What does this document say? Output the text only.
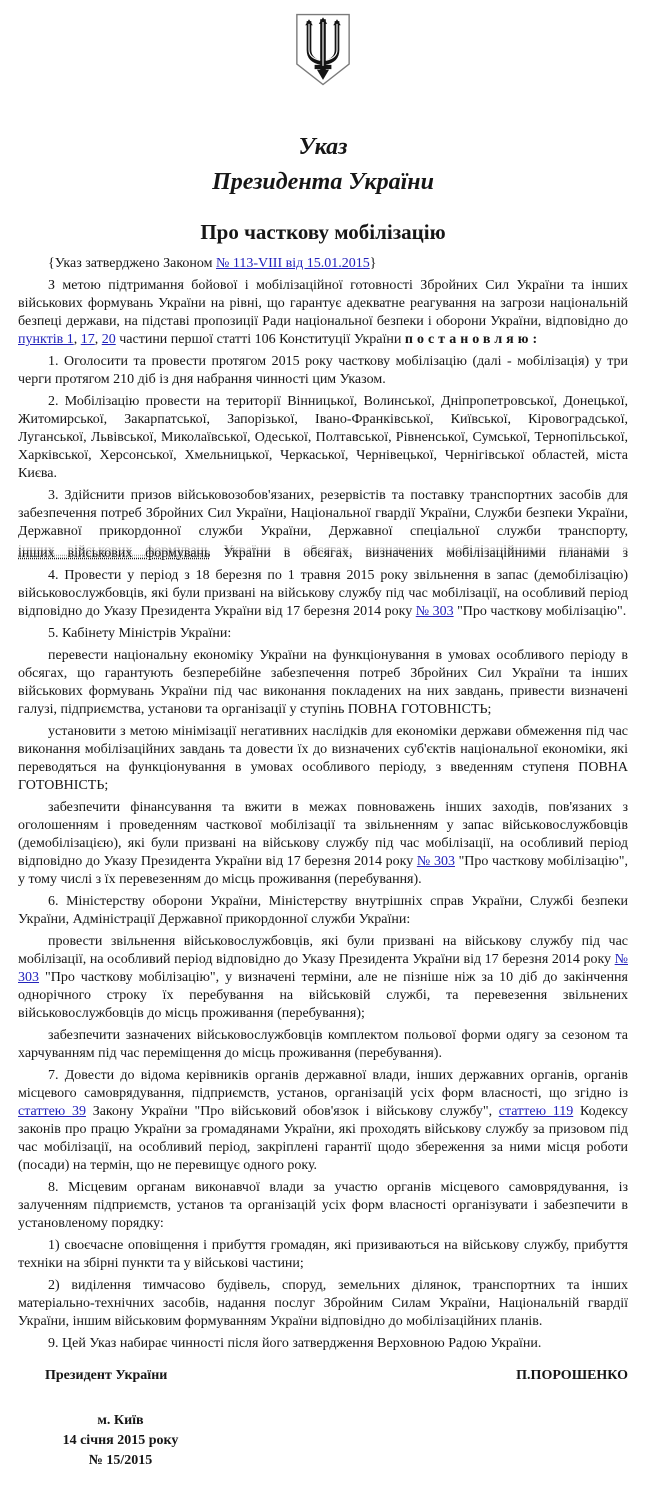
Указ
Президента України
Про часткову мобілізацію

{Указ затверджено Законом № 113-VIII від 15.01.2015}

З метою підтримання бойової і мобілізаційної готовності Збройних Сил України та інших військових формувань України на рівні, що гарантує адекватне реагування на загрози національній безпеці держави, на підставі пропозиції Ради національної безпеки і оборони України, відповідно до пунктів 1, 17, 20 частини першої статті 106 Конституції України постановляю:

1. Оголосити та провести протягом 2015 року часткову мобілізацію (далі - мобілізація) у три черги протягом 210 діб із дня набрання чинності цим Указом.

2. Мобілізацію провести на території Вінницької, Волинської, Дніпропетровської, Донецької, Житомирської, Закарпатської, Запорізької, Івано-Франківської, Київської, Кіровоградської, Луганської, Львівської, Миколаївської, Одеської, Полтавської, Рівненської, Сумської, Тернопільської, Харківської, Херсонської, Хмельницької, Черкаської, Чернівецької, Чернігівської областей, міста Києва.

3. Здійснити призов військовозобов'язаних, резервістів та поставку транспортних засобів для забезпечення потреб Збройних Сил України, Національної гвардії України, Служби безпеки України, Державної прикордонної служби України, Державної спеціальної служби транспорту,

інших військових формувань України в обсягах, визначених мобілізаційними планами з

4. Провести у період з 18 березня по 1 травня 2015 року звільнення в запас (демобілізацію) військовослужбовців, які були призвані на військову службу під час мобілізації, на особливий період відповідно до Указу Президента України від 17 березня 2014 року № 303 "Про часткову мобілізацію".

5. Кабінету Міністрів України:

перевести національну економіку України на функціонування в умовах особливого періоду в обсягах, що гарантують безперебійне забезпечення потреб Збройних Сил України та інших військових формувань України під час виконання покладених на них завдань, привести визначені галузі, підприємства, установи та організації у ступінь ПОВНА ГОТОВНІСТЬ;

установити з метою мінімізації негативних наслідків для економіки держави обмеження під час виконання мобілізаційних завдань та довести їх до визначених суб'єктів національної економіки, які переводяться на функціонування в умовах особливого періоду, з введенням ступеня ПОВНА ГОТОВНІСТЬ;

забезпечити фінансування та вжити в межах повноважень інших заходів, пов'язаних з оголошенням і проведенням часткової мобілізації та звільненням у запас військовослужбовців (демобілізацією), які були призвані на військову службу під час мобілізації, на особливий період відповідно до Указу Президента України від 17 березня 2014 року № 303 "Про часткову мобілізацію", у тому числі з їх перевезенням до місць проживання (перебування).

6. Міністерству оборони України, Міністерству внутрішніх справ України, Службі безпеки України, Адміністрації Державної прикордонної служби України:

провести звільнення військовослужбовців, які були призвані на військову службу під час мобілізації, на особливий період відповідно до Указу Президента України від 17 березня 2014 року № 303 "Про часткову мобілізацію", у визначені терміни, але не пізніше ніж за 10 діб до закінчення однорічного строку їх перебування на військовій службі, та перевезення звільнених військовослужбовців до місць проживання (перебування);

забезпечити зазначених військовослужбовців комплектом польової форми одягу за сезоном та харчуванням під час переміщення до місць проживання (перебування).

7. Довести до відома керівників органів державної влади, інших державних органів, органів місцевого самоврядування, підприємств, установ, організацій усіх форм власності, що згідно із статтею 39 Закону України "Про військовий обов'язок і військову службу", статтею 119 Кодексу законів про працю України за громадянами України, які проходять військову службу за призовом під час мобілізації, на особливий період, закріплені гарантії щодо збереження за ними місця роботи (посади) на термін, що не перевищує одного року.

8. Місцевим органам виконавчої влади за участю органів місцевого самоврядування, із залученням підприємств, установ та організацій усіх форм власності організувати і забезпечити в установленому порядку:

1) своєчасне оповіщення і прибуття громадян, які призиваються на військову службу, прибуття техніки на збірні пункти та у військові частини;

2) виділення тимчасово будівель, споруд, земельних ділянок, транспортних та інших матеріально-технічних засобів, надання послуг Збройним Силам України, Національній гвардії України, іншим військовим формуванням України відповідно до мобілізаційних планів.

9. Цей Указ набирає чинності після його затвердження Верховною Радою України.

Президент України	П.ПОРОШЕНКО
м. Київ
14 січня 2015 року
№ 15/2015
